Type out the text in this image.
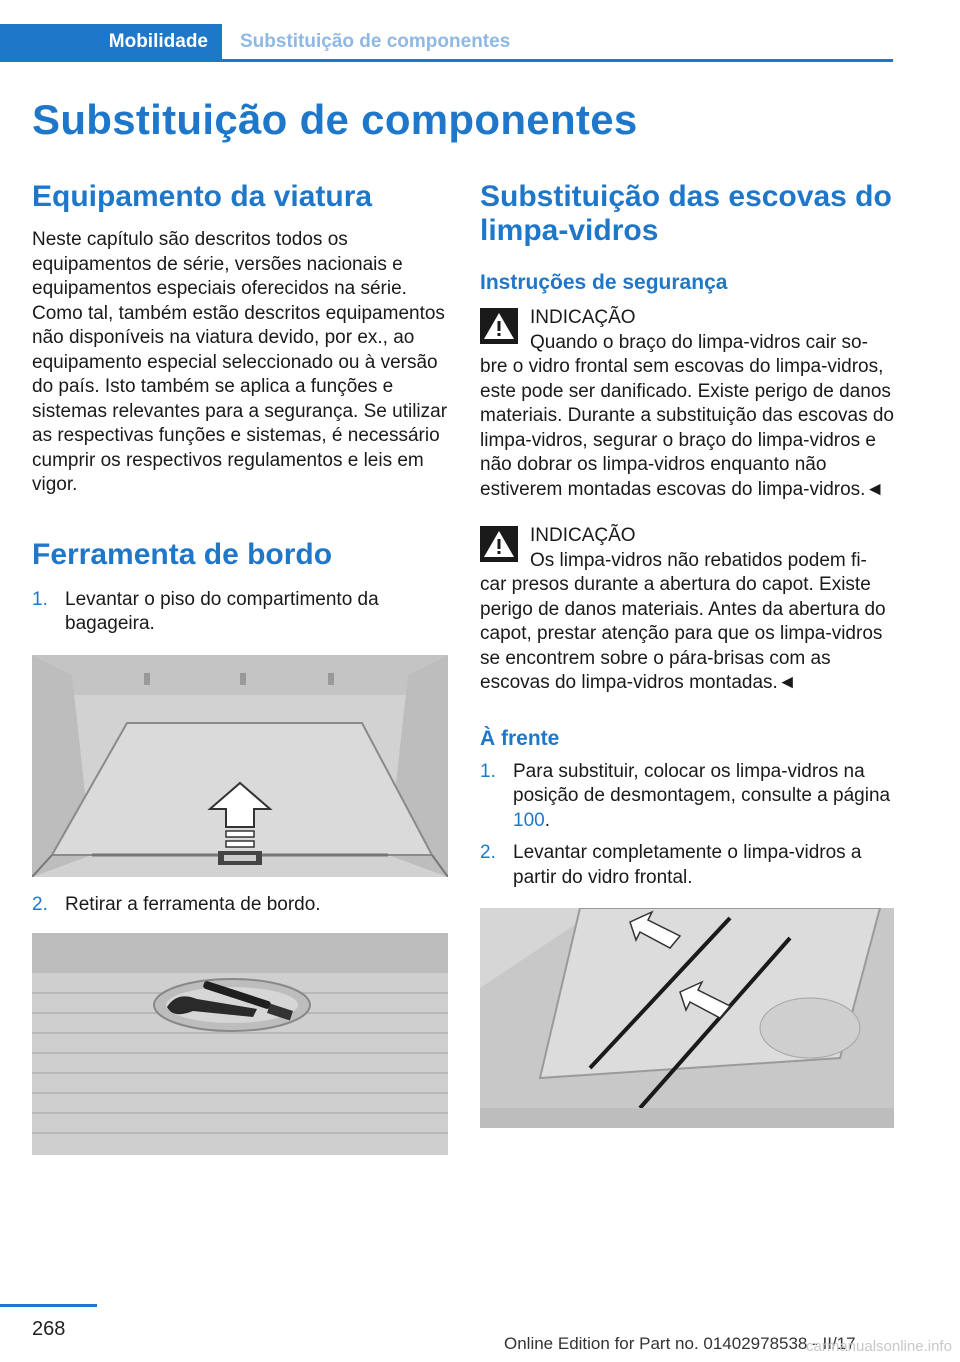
Mobilidade	Substituição de componentes
Substituição de componentes
Equipamento da viatura

Neste capítulo são descritos todos os equipamentos de série, versões nacionais e equipamentos especiais oferecidos na série. Como tal, também estão descritos equipamentos não disponíveis na viatura devido, por ex., ao equipamento especial seleccionado ou à versão do país. Isto também se aplica a funções e sistemas relevantes para a segurança. Se utilizar as respectivas funções e sistemas, é necessário cumprir os respectivos regulamentos e leis em vigor.

Ferramenta de bordo
1. Levantar o piso do compartimento da bagageira.
2. Retirar a ferramenta de bordo.
Substituição das escovas do limpa-vidros
Instruções de segurança

INDICAÇÃO
Quando o braço do limpa-vidros cair so-
bre o vidro frontal sem escovas do limpa-vidros, este pode ser danificado. Existe perigo de danos materiais. Durante a substituição das escovas do limpa-vidros, segurar o braço do limpa-vidros e não dobrar os limpa-vidros enquanto não estiverem montadas escovas do limpa-vidros.◄

INDICAÇÃO
Os limpa-vidros não rebatidos podem fi-
car presos durante a abertura do capot. Existe perigo de danos materiais. Antes da abertura do capot, prestar atenção para que os limpa-vidros se encontrem sobre o pára-brisas com as escovas do limpa-vidros montadas.◄

À frente
1. Para substituir, colocar os limpa-vidros na posição de desmontagem, consulte a página 100.
2. Levantar completamente o limpa-vidros a partir do vidro frontal.
268
Online Edition for Part no. 01402978538 - II/17
carmanualsonline.info
